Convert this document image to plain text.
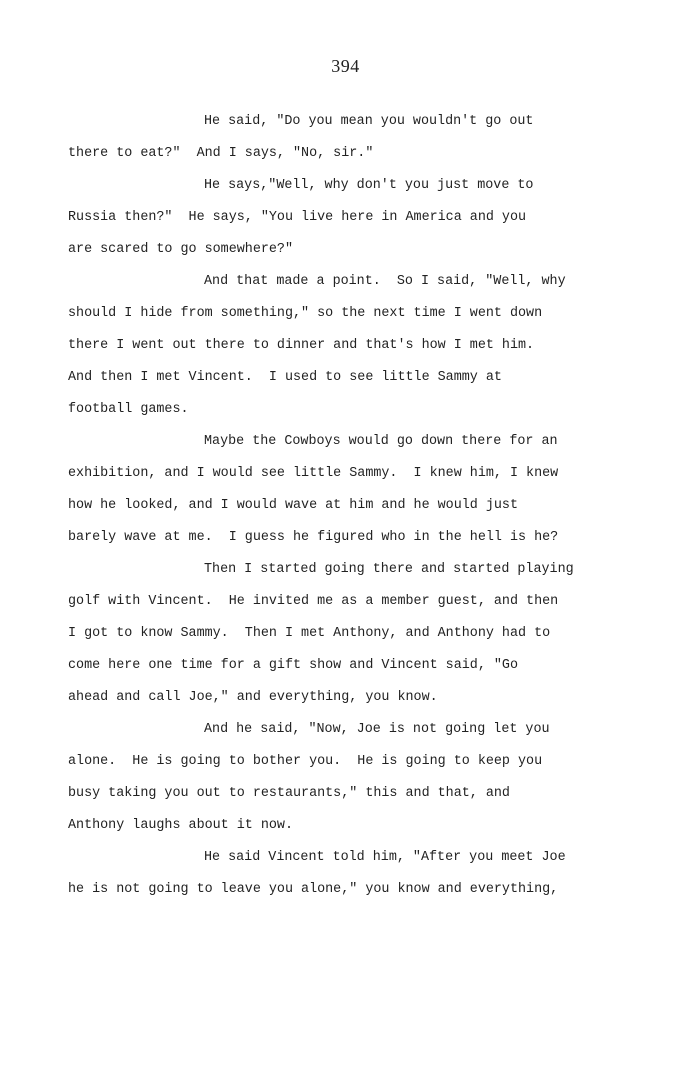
394
He said, "Do you mean you wouldn't go out
there to eat?"  And I says, "No, sir."
He says,"Well, why don't you just move to
Russia then?"  He says, "You live here in America and you
are scared to go somewhere?"
And that made a point.  So I said, "Well, why
should I hide from something," so the next time I went down
there I went out there to dinner and that's how I met him.
And then I met Vincent.  I used to see little Sammy at
football games.
Maybe the Cowboys would go down there for an
exhibition, and I would see little Sammy.  I knew him, I knew
how he looked, and I would wave at him and he would just
barely wave at me.  I guess he figured who in the hell is he?
Then I started going there and started playing
golf with Vincent.  He invited me as a member guest, and then
I got to know Sammy.  Then I met Anthony, and Anthony had to
come here one time for a gift show and Vincent said, "Go
ahead and call Joe," and everything, you know.
And he said, "Now, Joe is not going let you
alone.  He is going to bother you.  He is going to keep you
busy taking you out to restaurants," this and that, and
Anthony laughs about it now.
He said Vincent told him, "After you meet Joe
he is not going to leave you alone," you know and everything,
